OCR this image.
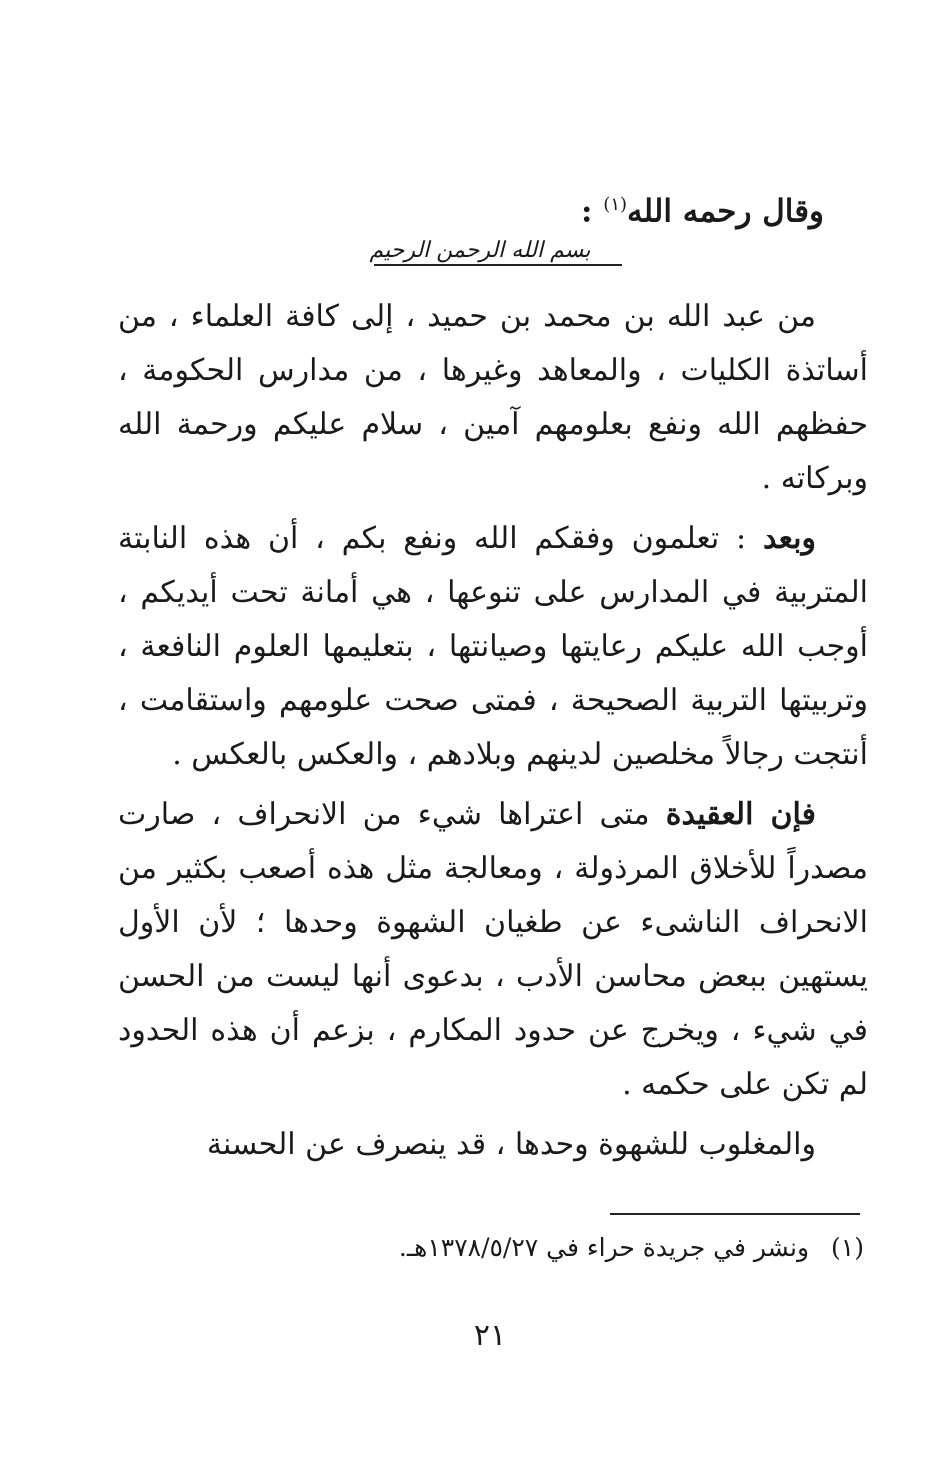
وقال رحمه الله$^{(١)}$ :
بسم الله الرحمن الرحيم

من عبد الله بن محمد بن حميد ، إلى كافة العلماء ، من أساتذة الكليات ، والمعاهد وغيرها ، من مدارس الحكومة ، حفظهم الله ونفع بعلومهم آمين ، سلام عليكم ورحمة الله وبركاته .

وبعد : تعلمون وفقكم الله ونفع بكم ، أن هذه النابتة المتربية في المدارس على تنوعها ، هي أمانة تحت أيديكم ، أوجب الله عليكم رعايتها وصيانتها ، بتعليمها العلوم النافعة ، وتربيتها التربية الصحيحة ، فمتى صحت علومهم واستقامت ، أنتجت رجالاً مخلصين لدينهم وبلادهم ، والعكس بالعكس .

فإن العقيدة متى اعتراها شيء من الانحراف ، صارت مصدراً للأخلاق المرذولة ، ومعالجة مثل هذه أصعب بكثير من الانحراف الناشىء عن طغيان الشهوة وحدها ؛ لأن الأول يستهين ببعض محاسن الأدب ، بدعوى أنها ليست من الحسن في شيء ، ويخرج عن حدود المكارم ، بزعم أن هذه الحدود لم تكن على حكمه .

والمغلوب للشهوة وحدها ، قد ينصرف عن الحسنة

(١)ونشر في جريدة حراء في ١٣٧٨/٥/٢٧هـ.
٢١
